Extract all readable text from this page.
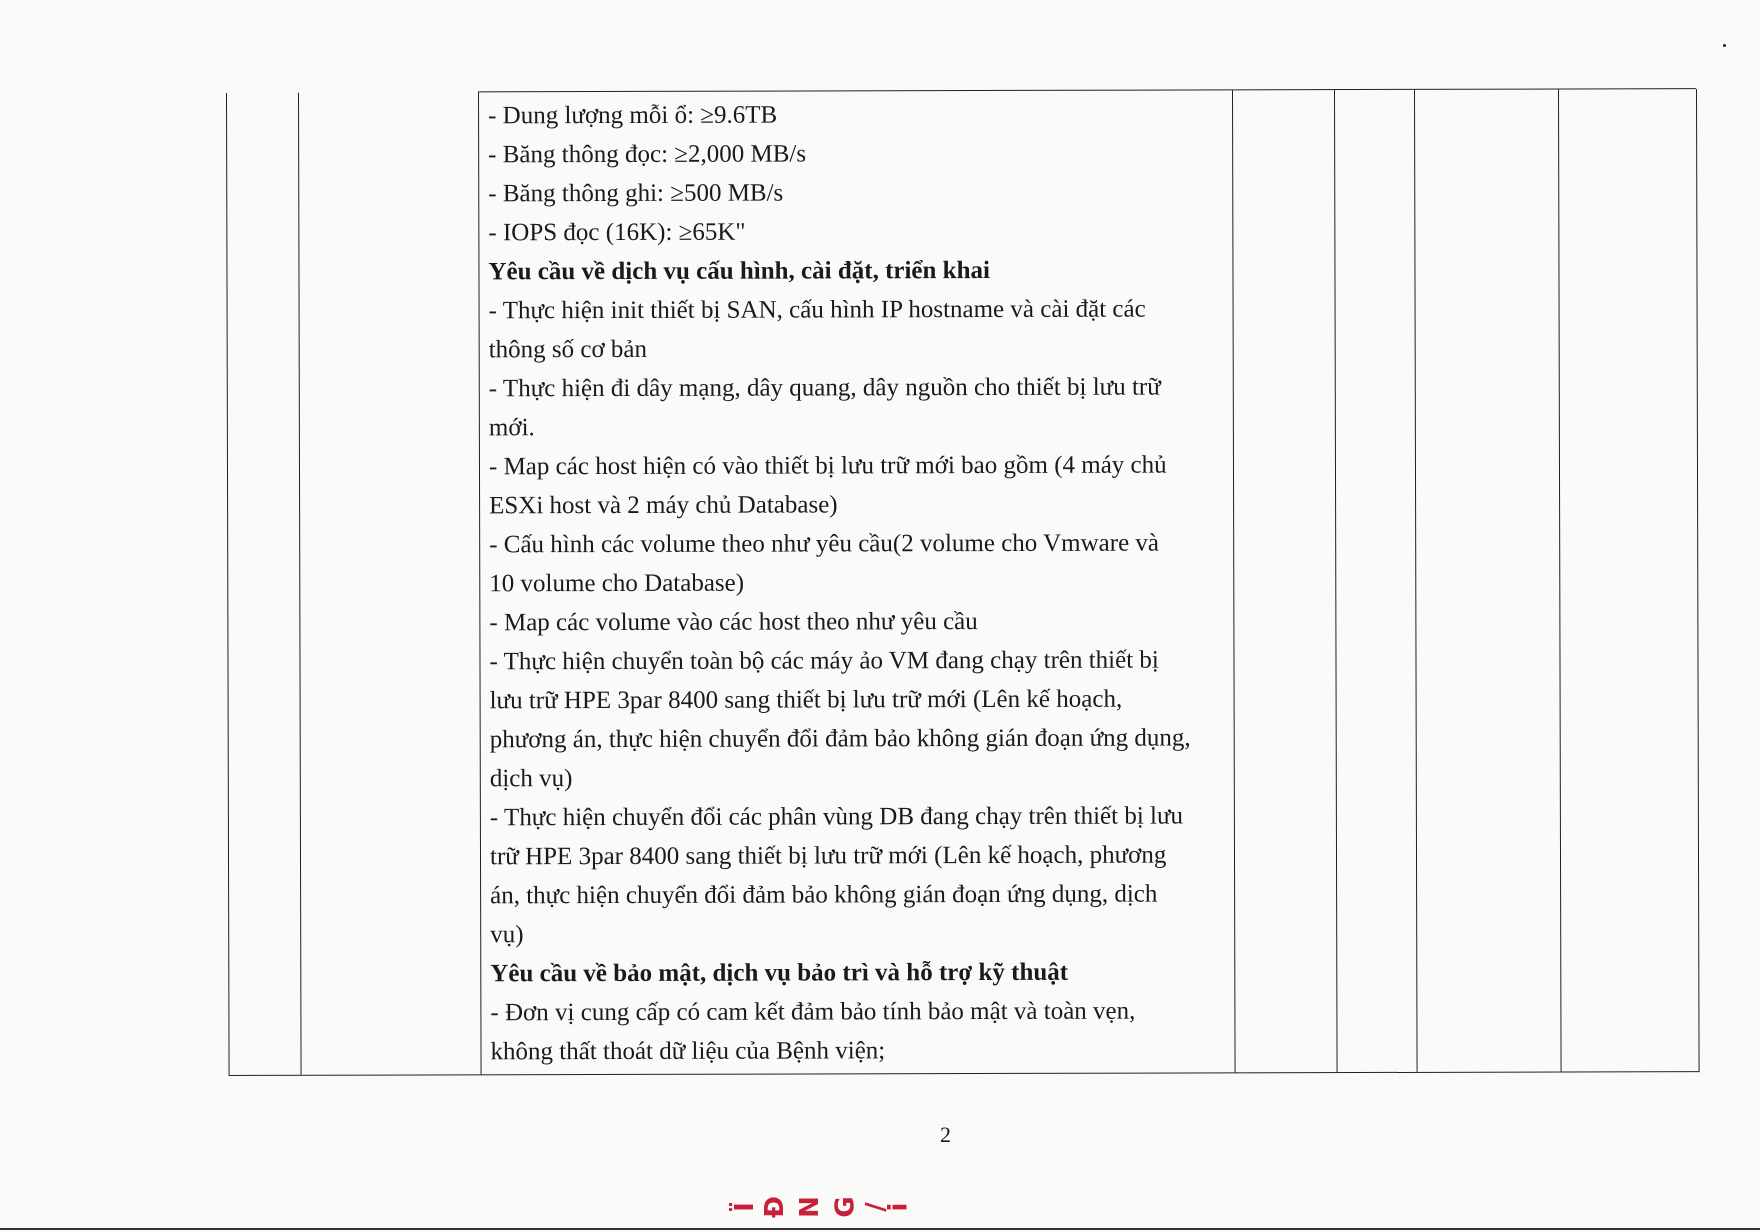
- Dung lượng mỗi ổ: ≥9.6TB

- Băng thông đọc: ≥2,000 MB/s

- Băng thông ghi: ≥500 MB/s

- IOPS đọc (16K): ≥65K"

Yêu cầu về dịch vụ cấu hình, cài đặt, triển khai

- Thực hiện init thiết bị SAN, cấu hình IP hostname và cài đặt các

thông số cơ bản

- Thực hiện đi dây mạng, dây quang, dây nguồn cho thiết bị lưu trữ

mới.

- Map các host hiện có vào thiết bị lưu trữ mới bao gồm (4 máy chủ

ESXi host và 2 máy chủ Database)

- Cấu hình các volume theo như yêu cầu(2 volume cho Vmware và

10 volume cho Database)

- Map các volume vào các host theo như yêu cầu

- Thực hiện chuyển toàn bộ các máy ảo VM đang chạy trên thiết bị

lưu trữ HPE 3par 8400 sang thiết bị lưu trữ mới (Lên kế hoạch,

phương án, thực hiện chuyển đổi đảm bảo không gián đoạn ứng dụng,

dịch vụ)

- Thực hiện chuyển đổi các phân vùng DB đang chạy trên thiết bị lưu

trữ HPE 3par 8400 sang thiết bị lưu trữ mới (Lên kế hoạch, phương

án, thực hiện chuyển đổi đảm bảo không gián đoạn ứng dụng, dịch

vụ)

Yêu cầu về bảo mật, dịch vụ bảo trì và hỗ trợ kỹ thuật

- Đơn vị cung cấp có cam kết đảm bảo tính bảo mật và toàn vẹn,

không thất thoát dữ liệu của Bệnh viện;

2
ÏĐ N G/i
